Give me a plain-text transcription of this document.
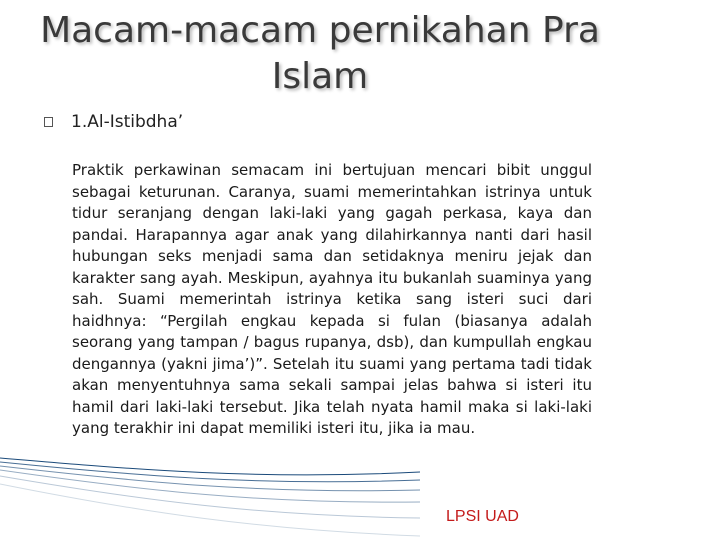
Macam-macam pernikahan Pra Islam
1.Al-Istibdha’

Praktik perkawinan semacam ini bertujuan mencari bibit unggul sebagai keturunan. Caranya, suami memerintahkan istrinya untuk tidur seranjang dengan laki-laki yang gagah perkasa, kaya dan pandai. Harapannya agar anak yang dilahirkannya nanti dari hasil hubungan seks menjadi sama dan setidaknya meniru jejak dan karakter sang ayah. Meskipun, ayahnya itu bukanlah suaminya yang sah. Suami memerintah istrinya ketika sang isteri suci dari haidhnya: “Pergilah engkau kepada si fulan (biasanya adalah seorang yang tampan / bagus rupanya, dsb), dan kumpullah engkau dengannya (yakni jima’)”. Setelah itu suami yang pertama tadi tidak akan menyentuhnya sama sekali sampai jelas bahwa si isteri itu hamil dari laki-laki tersebut. Jika telah nyata hamil maka si laki-laki yang terakhir ini dapat memiliki isteri itu, jika ia mau.

LPSI UAD
